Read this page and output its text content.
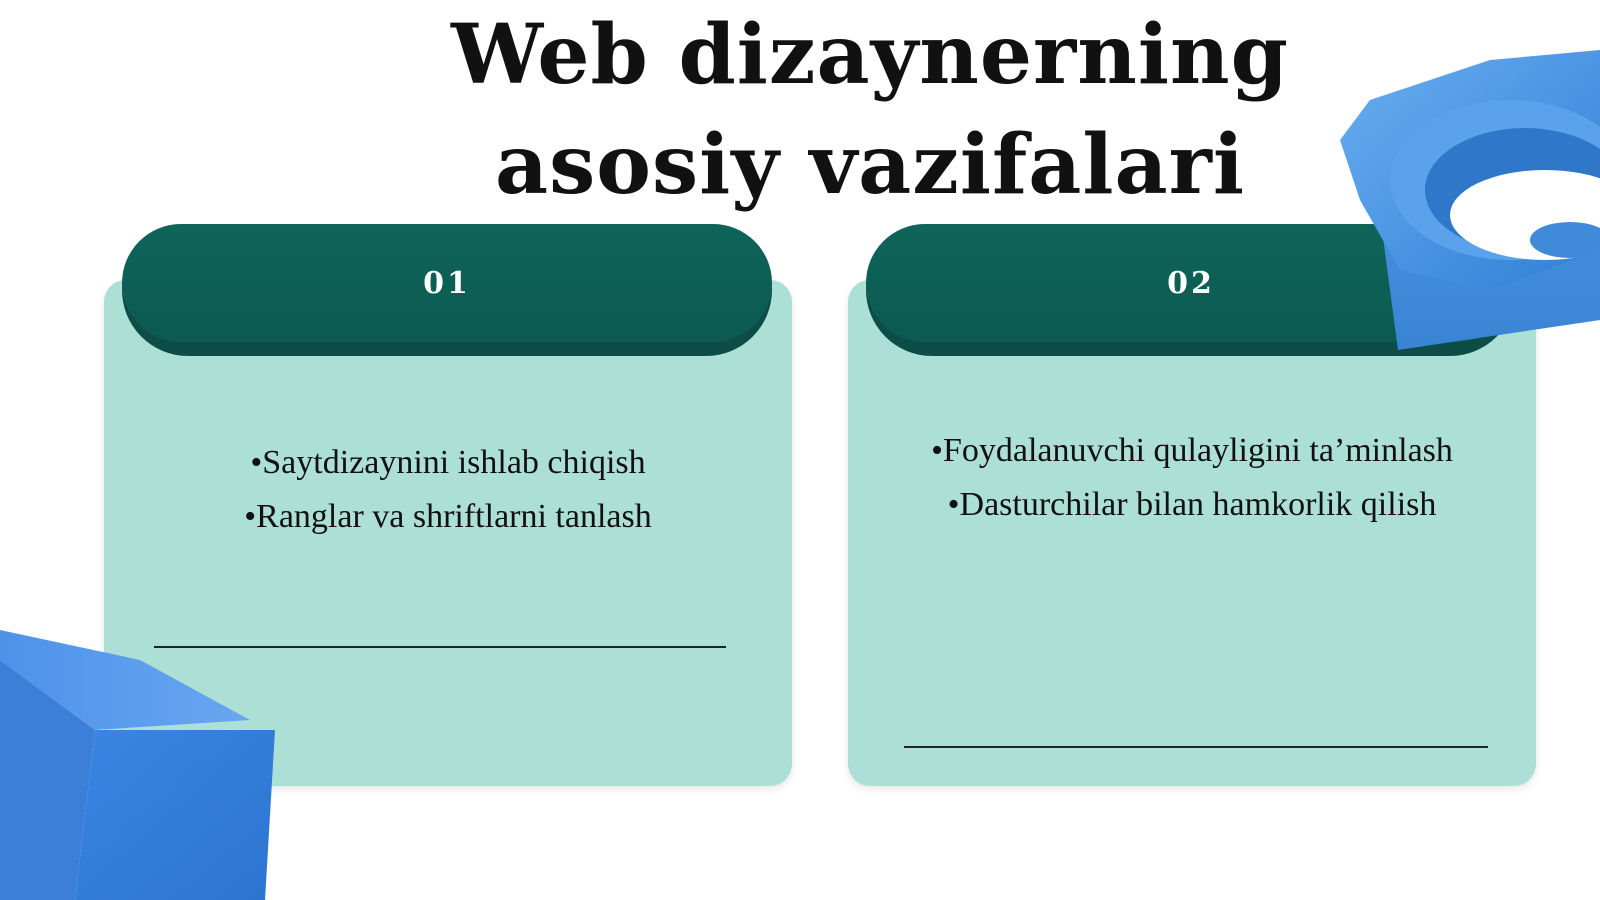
Web dizaynerning asosiy vazifalari
•Saytdizaynini ishlab chiqish
•Ranglar va shriftlarni tanlash
01
•Foydalanuvchi qulayligini ta’minlash
•Dasturchilar bilan hamkorlik qilish
02
